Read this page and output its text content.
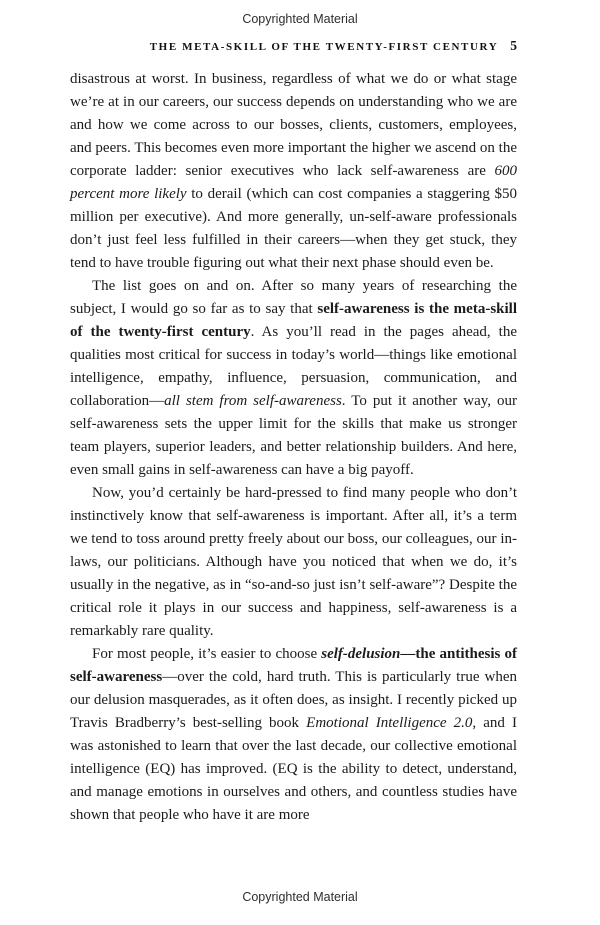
Copyrighted Material
THE META-SKILL OF THE TWENTY-FIRST CENTURY 5

disastrous at worst. In business, regardless of what we do or what stage we’re at in our careers, our success depends on understanding who we are and how we come across to our bosses, clients, customers, employees, and peers. This becomes even more important the higher we ascend on the corporate ladder: senior executives who lack self-awareness are 600 percent more likely to derail (which can cost companies a staggering $50 million per executive). And more generally, un-self-aware professionals don’t just feel less fulfilled in their careers—when they get stuck, they tend to have trouble figuring out what their next phase should even be.

The list goes on and on. After so many years of researching the subject, I would go so far as to say that self-awareness is the meta-skill of the twenty-first century. As you’ll read in the pages ahead, the qualities most critical for success in today’s world—things like emotional intelligence, empathy, influence, persuasion, communication, and collaboration—all stem from self-awareness. To put it another way, our self-awareness sets the upper limit for the skills that make us stronger team players, superior leaders, and better relationship builders. And here, even small gains in self-awareness can have a big payoff.

Now, you’d certainly be hard-pressed to find many people who don’t instinctively know that self-awareness is important. After all, it’s a term we tend to toss around pretty freely about our boss, our colleagues, our in-laws, our politicians. Although have you noticed that when we do, it’s usually in the negative, as in “so-and-so just isn’t self-aware”? Despite the critical role it plays in our success and happiness, self-awareness is a remarkably rare quality.

For most people, it’s easier to choose self-delusion—the antithesis of self-awareness—over the cold, hard truth. This is particularly true when our delusion masquerades, as it often does, as insight. I recently picked up Travis Bradberry’s best-selling book Emotional Intelligence 2.0, and I was astonished to learn that over the last decade, our collective emotional intelligence (EQ) has improved. (EQ is the ability to detect, understand, and manage emotions in ourselves and others, and countless studies have shown that people who have it are more

Copyrighted Material
